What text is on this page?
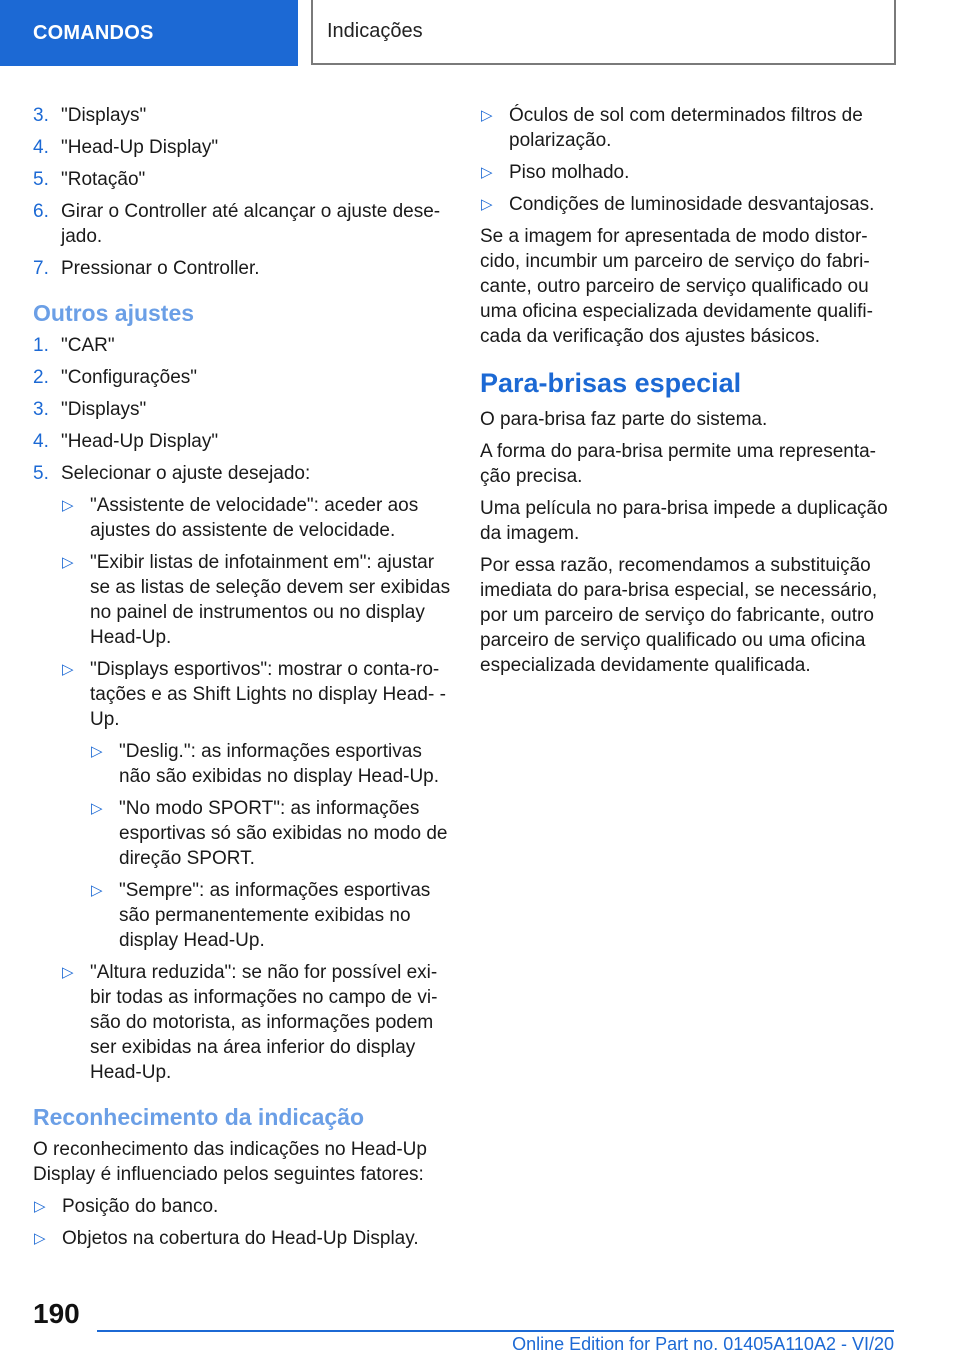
COMANDOS	Indicações
3. "Displays"
4. "Head-Up Display"
5. "Rotação"
6. Girar o Controller até alcançar o ajuste dese- jado.
7. Pressionar o Controller.
Outros ajustes
1. "CAR"
2. "Configurações"
3. "Displays"
4. "Head-Up Display"
5. Selecionar o ajuste desejado:
▷ "Assistente de velocidade": aceder aos ajustes do assistente de velocidade.
▷ "Exibir listas de infotainment em": ajustar se as listas de seleção devem ser exibidas no painel de instrumentos ou no display Head-Up.
▷ "Displays esportivos": mostrar o conta-ro- tações e as Shift Lights no display Head- -Up.
▷ "Deslig.": as informações esportivas não são exibidas no display Head-Up.
▷ "No modo SPORT": as informações esportivas só são exibidas no modo de direção SPORT.
▷ "Sempre": as informações esportivas são permanentemente exibidas no display Head-Up.
▷ "Altura reduzida": se não for possível exi- bir todas as informações no campo de vi- são do motorista, as informações podem ser exibidas na área inferior do display Head-Up.
Reconhecimento da indicação

O reconhecimento das indicações no Head-Up Display é influenciado pelos seguintes fatores:

▷ Posição do banco.
▷ Objetos na cobertura do Head-Up Display.
▷ Óculos de sol com determinados filtros de polarização.
▷ Piso molhado.
▷ Condições de luminosidade desvantajosas.

Se a imagem for apresentada de modo distor- cido, incumbir um parceiro de serviço do fabri- cante, outro parceiro de serviço qualificado ou uma oficina especializada devidamente qualifi- cada da verificação dos ajustes básicos.

Para-brisas especial

O para-brisa faz parte do sistema.

A forma do para-brisa permite uma representa- ção precisa.

Uma película no para-brisa impede a duplicação da imagem.

Por essa razão, recomendamos a substituição imediata do para-brisa especial, se necessário, por um parceiro de serviço do fabricante, outro parceiro de serviço qualificado ou uma oficina especializada devidamente qualificada.

190
Online Edition for Part no. 01405A110A2 - VI/20
